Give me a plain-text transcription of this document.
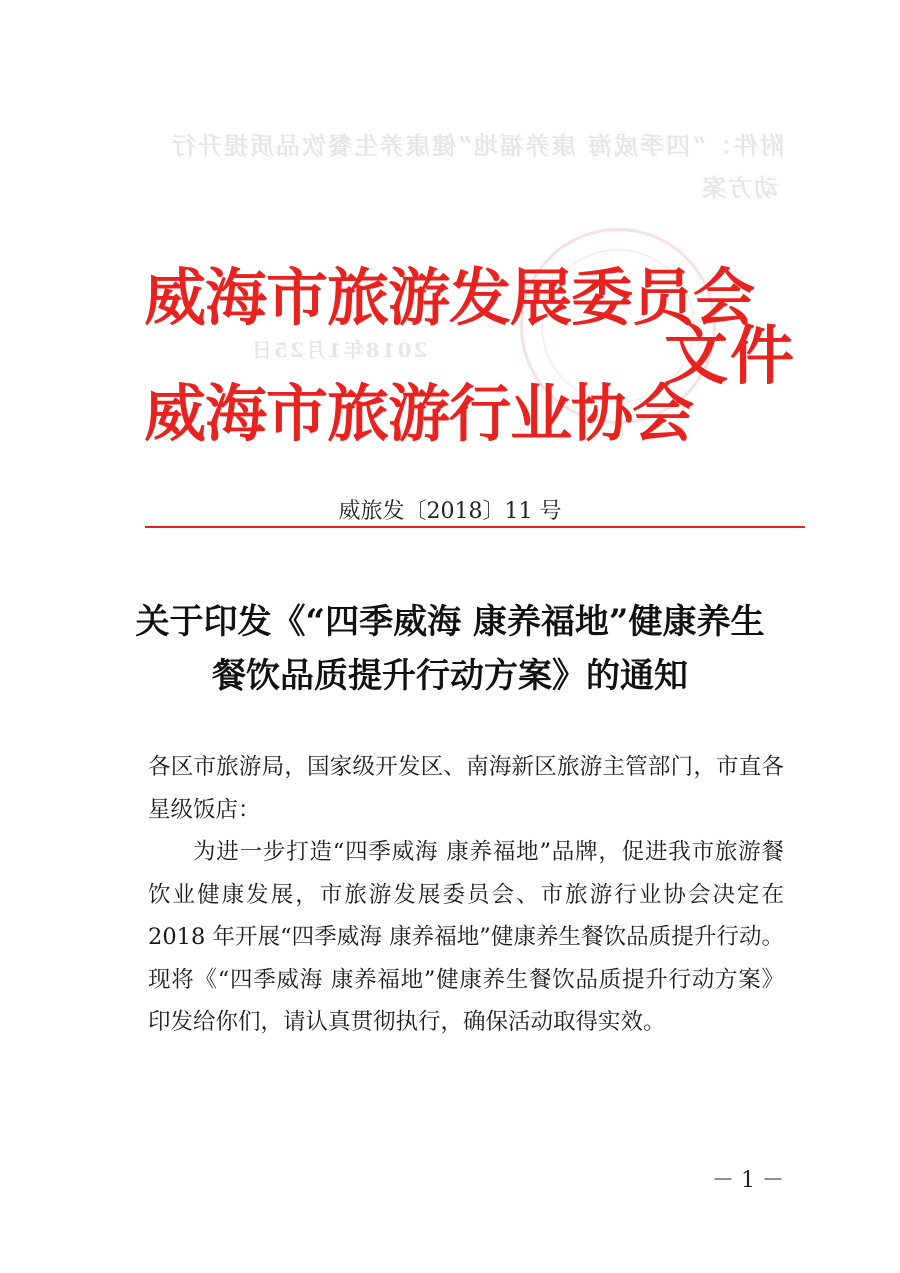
附件：“四季威海 康养福地”健康养生餐饮品质提升行
动方案
2018年1月25日
威海市旅游发展委员会
威海市旅游行业协会
文件
威旅发〔2018〕11 号
关于印发《“四季威海 康养福地”健康养生
餐饮品质提升行动方案》的通知
各区市旅游局，国家级开发区、南海新区旅游主管部门，市直各星级饭店：
为进一步打造“四季威海 康养福地”品牌，促进我市旅游餐饮业健康发展，市旅游发展委员会、市旅游行业协会决定在 2018 年开展“四季威海 康养福地”健康养生餐饮品质提升行动。现将《“四季威海 康养福地”健康养生餐饮品质提升行动方案》印发给你们，请认真贯彻执行，确保活动取得实效。
－ 1 －
